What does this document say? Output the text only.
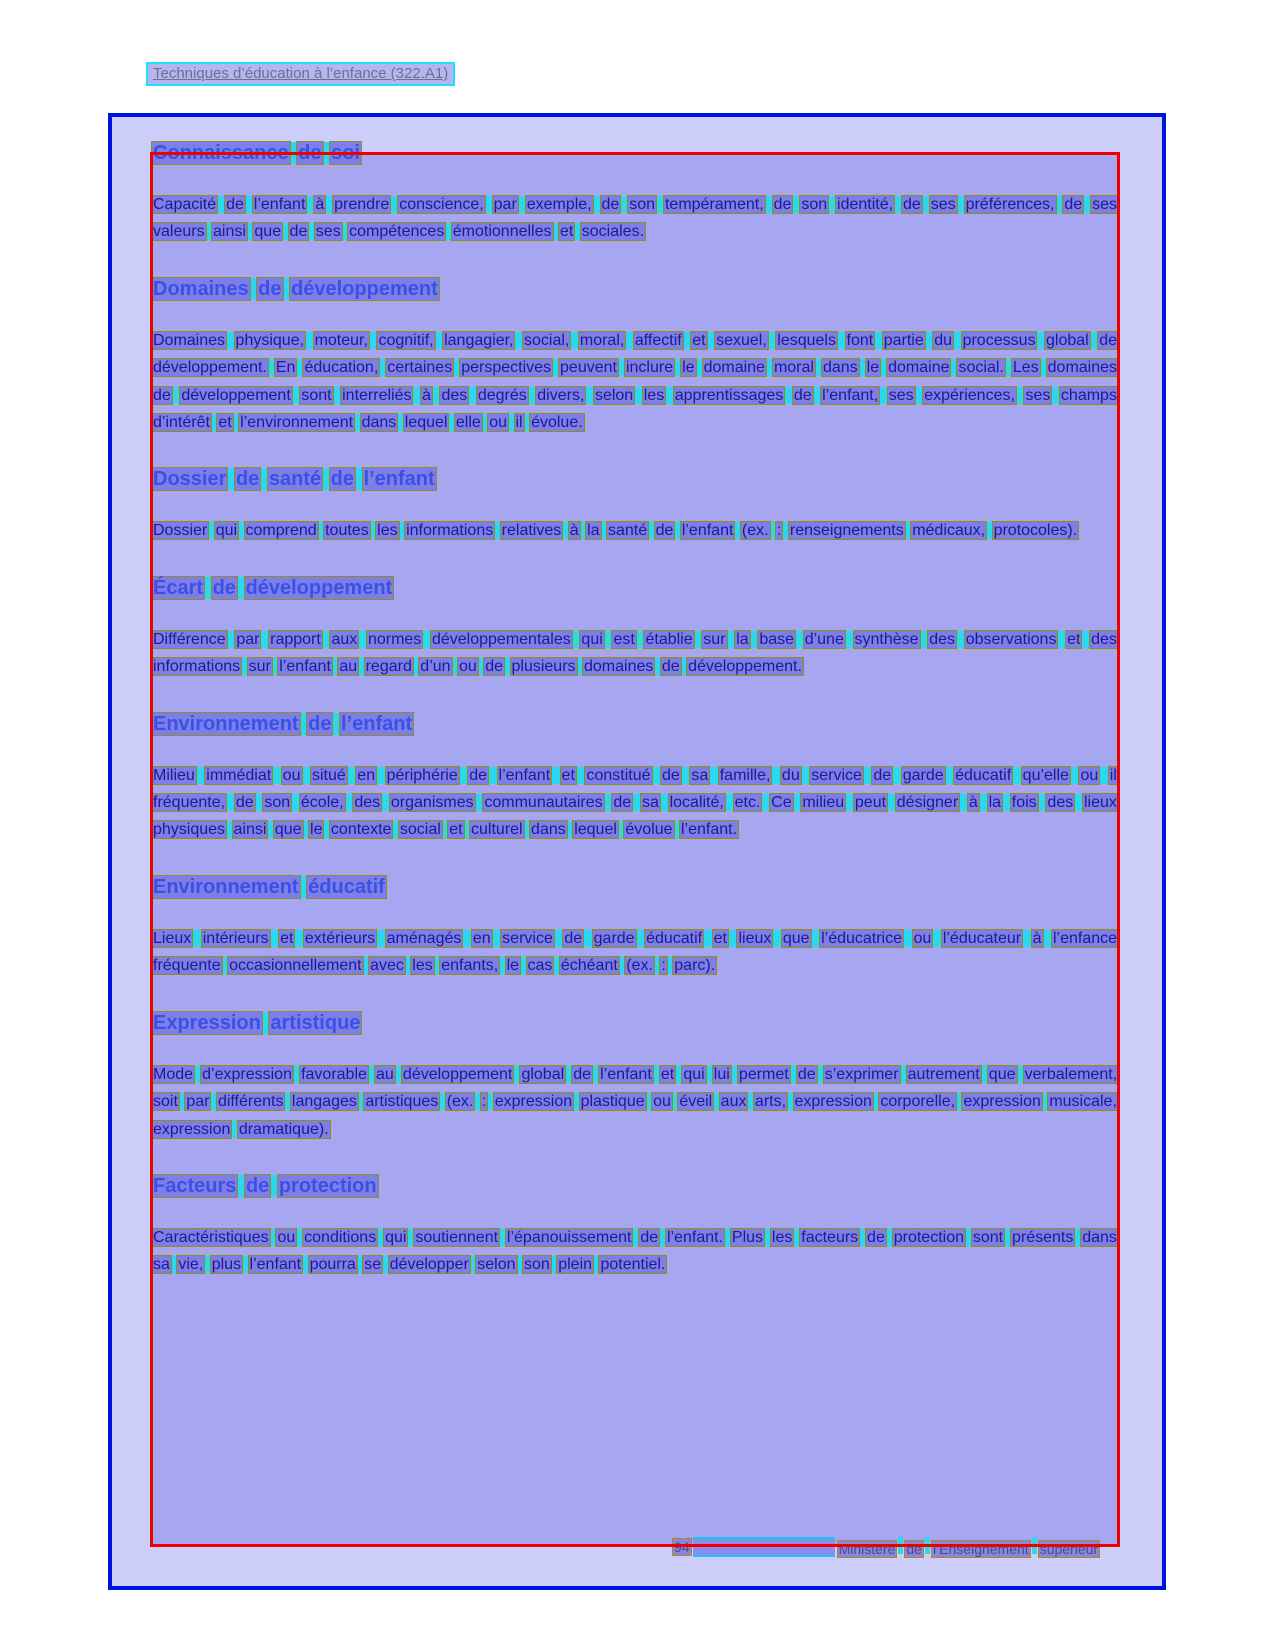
Techniques d’éducation à l’enfance (322.A1)
Connaissance de soi
Capacité de l’enfant à prendre conscience, par exemple, de son tempérament, de son identité, de ses préférences, de ses valeurs ainsi que de ses compétences émotionnelles et sociales.
Domaines de développement
Domaines physique, moteur, cognitif, langagier, social, moral, affectif et sexuel, lesquels font partie du processus global de développement. En éducation, certaines perspectives peuvent inclure le domaine moral dans le domaine social. Les domaines de développement sont interreliés à des degrés divers, selon les apprentissages de l’enfant, ses expériences, ses champs d’intérêt et l’environnement dans lequel elle ou il évolue.
Dossier de santé de l’enfant
Dossier qui comprend toutes les informations relatives à la santé de l’enfant (ex. : renseignements médicaux, protocoles).
Écart de développement
Différence par rapport aux normes développementales qui est établie sur la base d’une synthèse des observations et des informations sur l’enfant au regard d’un ou de plusieurs domaines de développement.
Environnement de l’enfant
Milieu immédiat ou situé en périphérie de l’enfant et constitué de sa famille, du service de garde éducatif qu’elle ou il fréquente, de son école, des organismes communautaires de sa localité, etc. Ce milieu peut désigner à la fois des lieux physiques ainsi que le contexte social et culturel dans lequel évolue l’enfant.
Environnement éducatif
Lieux intérieurs et extérieurs aménagés en service de garde éducatif et lieux que l’éducatrice ou l’éducateur à l’enfance fréquente occasionnellement avec les enfants, le cas échéant (ex. : parc).
Expression artistique
Mode d’expression favorable au développement global de l’enfant et qui lui permet de s’exprimer autrement que verbalement, soit par différents langages artistiques (ex. : expression plastique ou éveil aux arts, expression corporelle, expression musicale, expression dramatique).
Facteurs de protection
Caractéristiques ou conditions qui soutiennent l’épanouissement de l’enfant. Plus les facteurs de protection sont présents dans sa vie, plus l’enfant pourra se développer selon son plein potentiel.
94	Ministère de l’Enseignement supérieur
